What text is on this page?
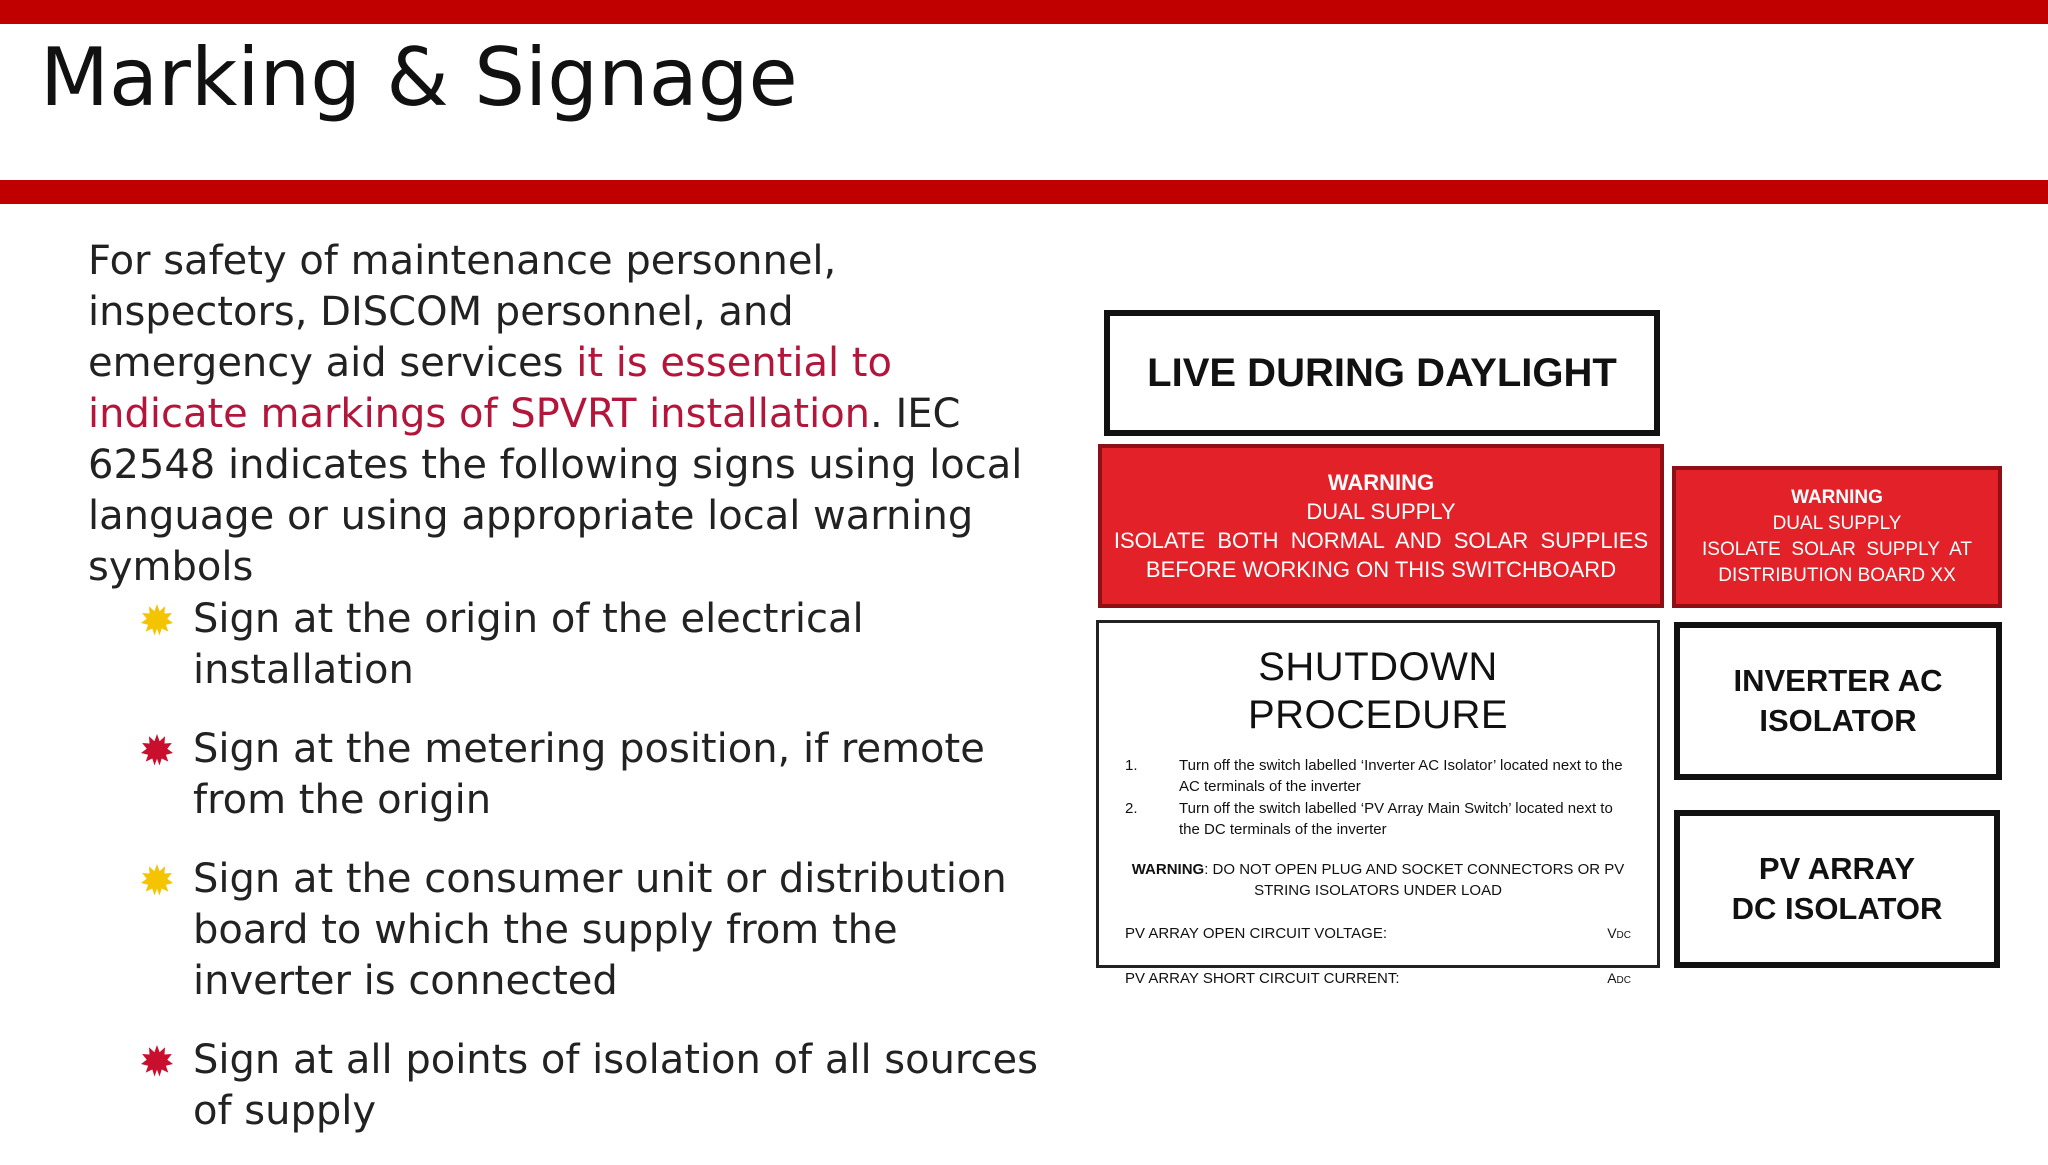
Marking & Signage
For safety of maintenance personnel, inspectors, DISCOM personnel, and emergency aid services it is essential to indicate markings of SPVRT installation. IEC 62548 indicates the following signs using local language or using appropriate local warning symbols
Sign at the origin of the electrical installation
Sign at the metering position, if remote from the origin
Sign at the consumer unit or distribution board to which the supply from the inverter is connected
Sign at all points of isolation of all sources of supply
LIVE DURING DAYLIGHT
WARNING
DUAL SUPPLY
ISOLATE  BOTH  NORMAL  AND  SOLAR  SUPPLIES
BEFORE WORKING ON THIS SWITCHBOARD
WARNING
DUAL SUPPLY
ISOLATE  SOLAR  SUPPLY  AT
DISTRIBUTION BOARD XX
SHUTDOWN PROCEDURE
1.	Turn off the switch labelled ‘Inverter AC Isolator’ located next to the AC terminals of the inverter
2.	Turn off the switch labelled ‘PV Array Main Switch’ located next to the DC terminals of the inverter
WARNING: DO NOT OPEN PLUG AND SOCKET CONNECTORS OR PV STRING ISOLATORS UNDER LOAD
PV ARRAY OPEN CIRCUIT VOLTAGE:	VDC
PV ARRAY SHORT CIRCUIT CURRENT:	ADC
INVERTER AC
ISOLATOR
PV ARRAY
DC ISOLATOR
